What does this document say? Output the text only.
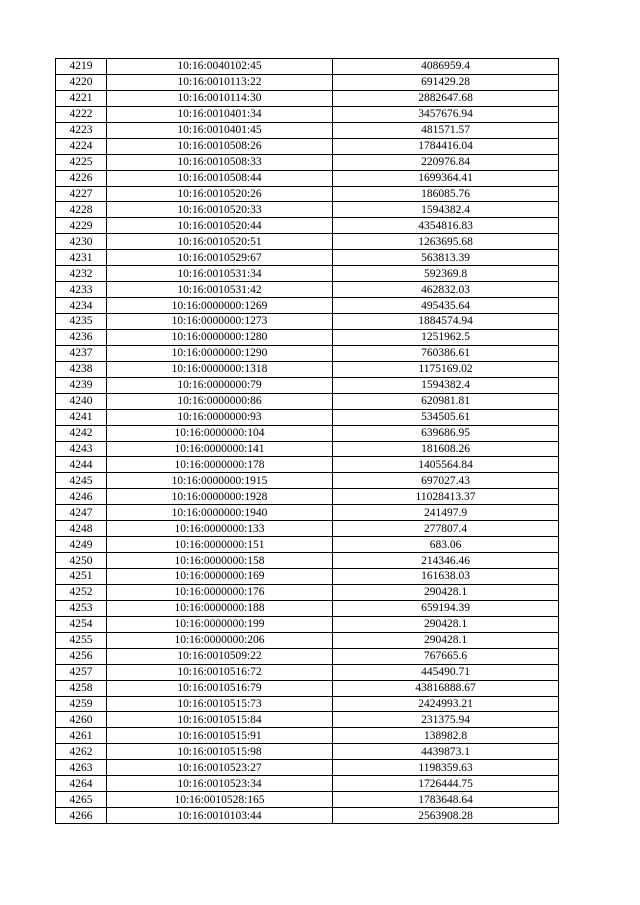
4219	10:16:0040102:45	4086959.4
4220	10:16:0010113:22	691429.28
4221	10:16:0010114:30	2882647.68
4222	10:16:0010401:34	3457676.94
4223	10:16:0010401:45	481571.57
4224	10:16:0010508:26	1784416.04
4225	10:16:0010508:33	220976.84
4226	10:16:0010508:44	1699364.41
4227	10:16:0010520:26	186085.76
4228	10:16:0010520:33	1594382.4
4229	10:16:0010520:44	4354816.83
4230	10:16:0010520:51	1263695.68
4231	10:16:0010529:67	563813.39
4232	10:16:0010531:34	592369.8
4233	10:16:0010531:42	462832.03
4234	10:16:0000000:1269	495435.64
4235	10:16:0000000:1273	1884574.94
4236	10:16:0000000:1280	1251962.5
4237	10:16:0000000:1290	760386.61
4238	10:16:0000000:1318	1175169.02
4239	10:16:0000000:79	1594382.4
4240	10:16:0000000:86	620981.81
4241	10:16:0000000:93	534505.61
4242	10:16:0000000:104	639686.95
4243	10:16:0000000:141	181608.26
4244	10:16:0000000:178	1405564.84
4245	10:16:0000000:1915	697027.43
4246	10:16:0000000:1928	11028413.37
4247	10:16:0000000:1940	241497.9
4248	10:16:0000000:133	277807.4
4249	10:16:0000000:151	683.06
4250	10:16:0000000:158	214346.46
4251	10:16:0000000:169	161638.03
4252	10:16:0000000:176	290428.1
4253	10:16:0000000:188	659194.39
4254	10:16:0000000:199	290428.1
4255	10:16:0000000:206	290428.1
4256	10:16:0010509:22	767665.6
4257	10:16:0010516:72	445490.71
4258	10:16:0010516:79	43816888.67
4259	10:16:0010515:73	2424993.21
4260	10:16:0010515:84	231375.94
4261	10:16:0010515:91	138982.8
4262	10:16:0010515:98	4439873.1
4263	10:16:0010523:27	1198359.63
4264	10:16:0010523:34	1726444.75
4265	10:16:0010528:165	1783648.64
4266	10:16:0010103:44	2563908.28
